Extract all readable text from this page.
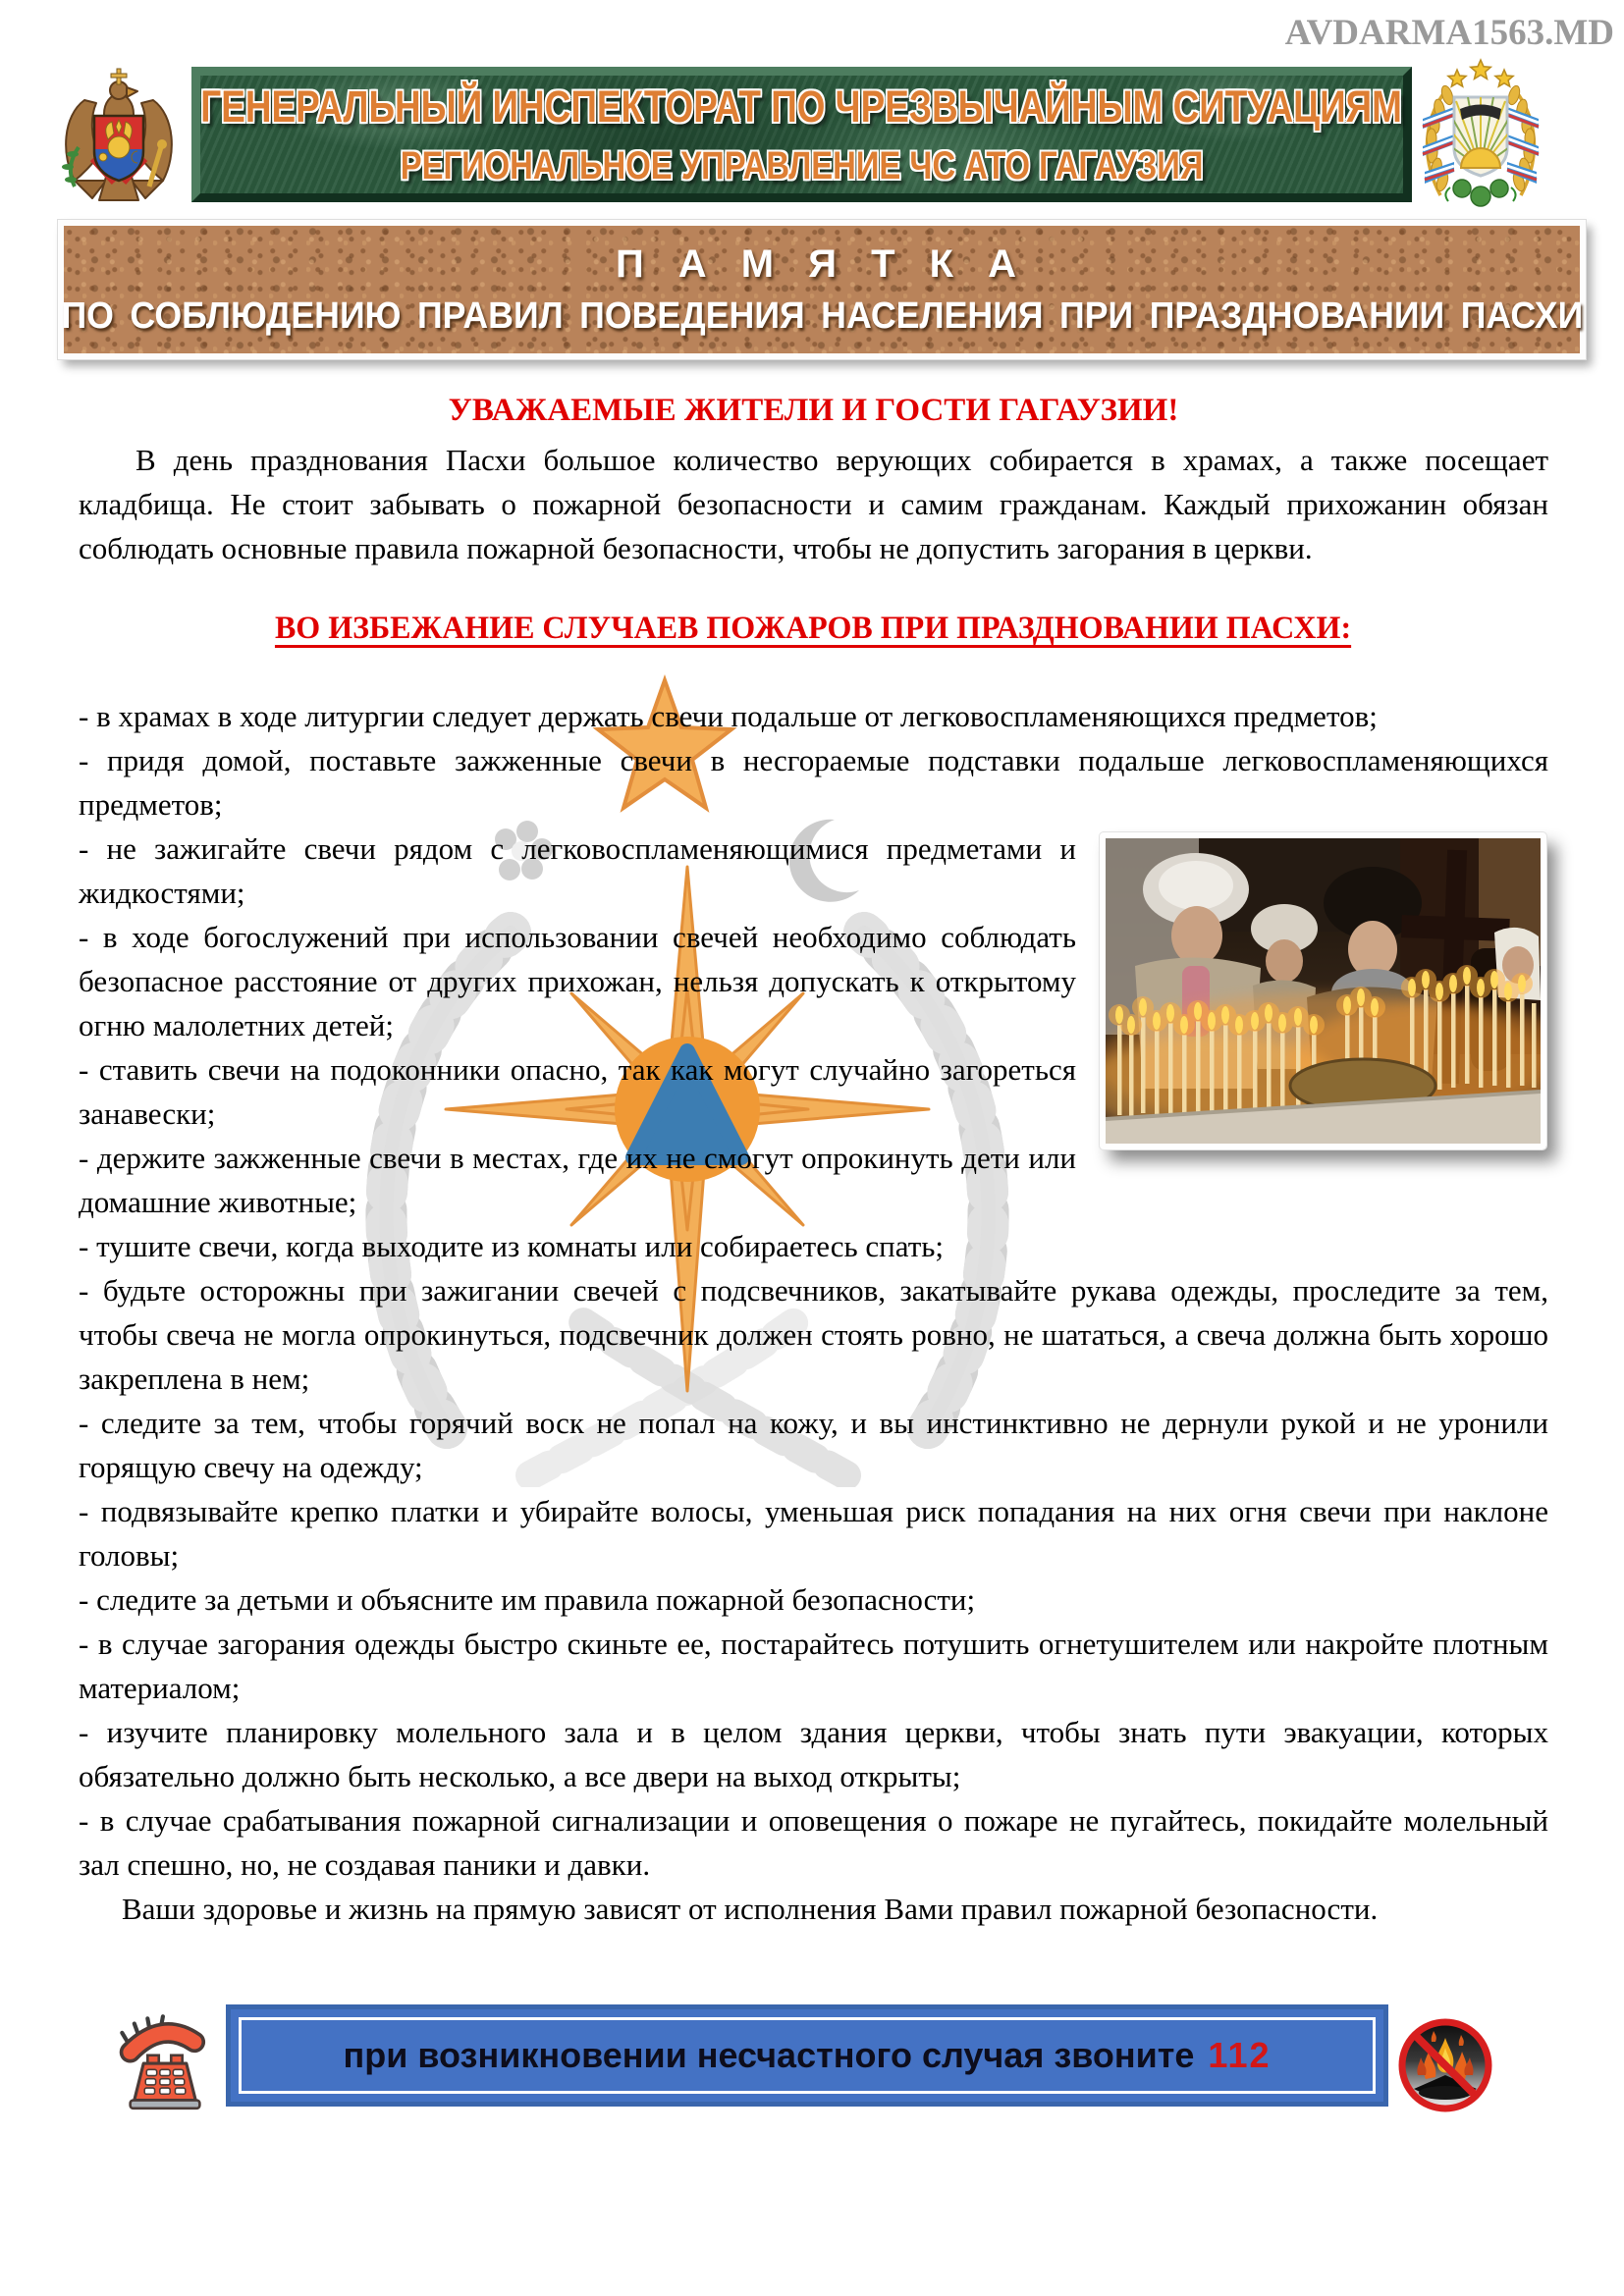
AVDARMA1563.MD
ГЕНЕРАЛЬНЫЙ ИНСПЕКТОРАТ ПО ЧРЕЗВЫЧАЙНЫМ СИТУАЦИЯМ
РЕГИОНАЛЬНОЕ УПРАВЛЕНИЕ ЧС АТО ГАГАУЗИЯ
П А М Я Т К А
ПО СОБЛЮДЕНИЮ ПРАВИЛ ПОВЕДЕНИЯ НАСЕЛЕНИЯ ПРИ ПРАЗДНОВАНИИ ПАСХИ
УВАЖАЕМЫЕ ЖИТЕЛИ И ГОСТИ ГАГАУЗИИ!

В день празднования Пасхи большое количество верующих собирается в храмах, а также посещает кладбища. Не стоит забывать о пожарной безопасности и самим гражданам. Каждый прихожанин обязан соблюдать основные правила пожарной безопасности, чтобы не допустить загорания в церкви.

ВО ИЗБЕЖАНИЕ СЛУЧАЕВ ПОЖАРОВ ПРИ ПРАЗДНОВАНИИ ПАСХИ:

- в храмах в ходе литургии следует держать свечи подальше от легковоспламеняющихся предметов;

- придя домой, поставьте зажженные свечи в несгораемые подставки подальше легковоспламеняющихся предметов;

- не зажигайте свечи рядом с легковоспламеняющимися предметами и жидкостями;

- в ходе богослужений при использовании свечей необходимо соблюдать безопасное расстояние от других прихожан, нельзя допускать к открытому огню малолетних детей;

- ставить свечи на подоконники опасно, так как могут случайно загореться занавески;

- держите зажженные свечи в местах, где их не смогут опрокинуть дети или домашние животные;

- тушите свечи, когда выходите из комнаты или собираетесь спать;

- будьте осторожны при зажигании свечей с подсвечников, закатывайте рукава одежды, проследите за тем, чтобы свеча не могла опрокинуться, подсвечник должен стоять ровно, не шататься, а свеча должна быть хорошо закреплена в нем;

- следите за тем, чтобы горячий воск не попал на кожу, и вы инстинктивно не дернули рукой и не уронили горящую свечу на одежду;

- подвязывайте крепко платки и убирайте волосы, уменьшая риск попадания на них огня свечи при наклоне головы;

- следите за детьми и объясните им правила пожарной безопасности;

- в случае загорания одежды быстро скиньте ее, постарайтесь потушить огнетушителем или накройте плотным материалом;

- изучите планировку молельного зала и в целом здания церкви, чтобы знать пути эвакуации, которых обязательно должно быть несколько, а все двери на выход открыты;

- в случае срабатывания пожарной сигнализации и оповещения о пожаре не пугайтесь, покидайте молельный зал спешно, но, не создавая паники и давки.

Ваши здоровье и жизнь на прямую зависят от исполнения Вами правил пожарной безопасности.

при возникновении несчастного случая звоните 112
